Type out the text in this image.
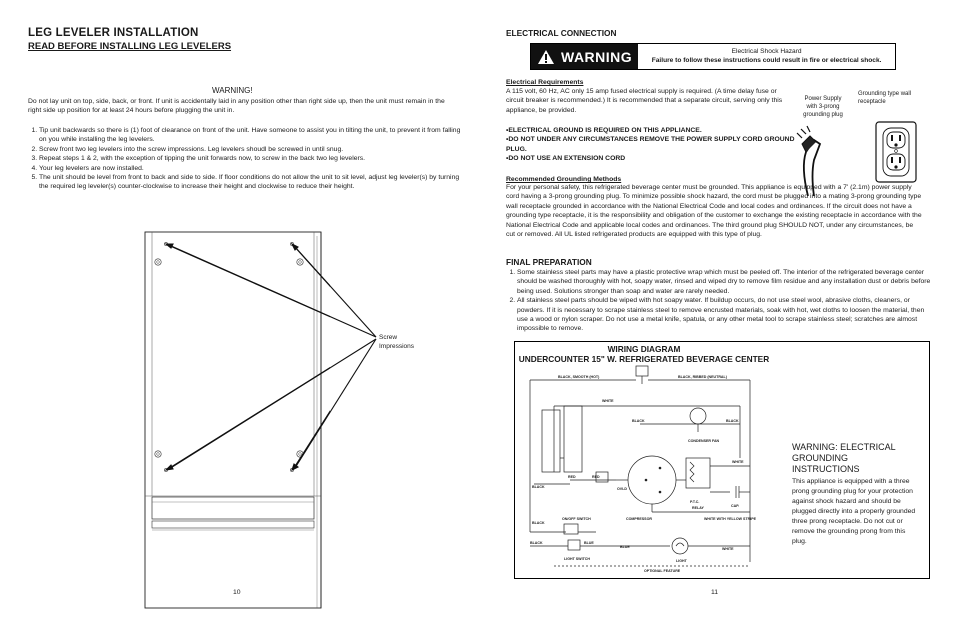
LEG LEVELER INSTALLATION
READ BEFORE INSTALLING LEG LEVELERS
WARNING!
Do not lay unit on top, side, back, or front. If unit is accidentally laid in any position other than right side up, then the unit must remain in the right side up position for at least 24 hours before plugging the unit in.
1. Tip unit backwards so there is (1) foot of clearance on front of the unit. Have someone to assist you in tilting the unit, to prevent it from falling on you while installing the leg levelers.
2. Screw front two leg levelers into the screw impressions. Leg levelers shoudl be screwed in until snug.
3. Repeat steps 1 & 2, with the exception of tipping the unit forwards now, to screw in the back two leg levelers.
4. Your leg levelers are now installed.
5. The unit should be level from front to back and side to side. If floor conditions do not allow the unit to sit level, adjust leg leveler(s) by turning the required leg leveler(s) counter-clockwise to increase their height and clockwise to reduce their height.
Screw
Impressions
10
ELECTRICAL CONNECTION
WARNING	Electrical Shock Hazard
Failure to follow these instructions could result in fire or electrical shock.
Electrical Requirements
A 115 volt, 60 Hz, AC only 15 amp fused electrical supply is required. (A time delay fuse or circuit breaker is recommended.) It is recommended that a separate circuit, serving only this appliance, be provided.
Power Supply
with 3-prong
grounding plug
Grounding type wall
receptacle
•ELECTRICAL GROUND IS REQUIRED ON THIS APPLIANCE.
•DO NOT UNDER ANY CIRCUMSTANCES REMOVE THE POWER SUPPLY CORD GROUND PLUG.
•DO NOT USE AN EXTENSION CORD
Recommended Grounding Methods
For your personal safety, this refrigerated beverage center must be grounded. This appliance is equipped with a 7' (2.1m) power supply cord having a 3-prong grounding plug. To minimize possible shock hazard, the cord must be plugged into a mating 3-prong grounding type wall receptacle grounded in accordance with the National Electrical Code and local codes and ordinances. If the circuit does not have a grounding type receptacle, it is the responsibility and obligation of the customer to exchange the existing receptacle in accordance with the National Electrical Code and applicable local codes and ordinances. The third ground plug SHOULD NOT, under any circumstances, be cut or removed. All UL listed refrigerated products are equipped with this type of plug.
FINAL PREPARATION
1. Some stainless steel parts may have a plastic protective wrap which must be peeled off. The interior of the refrigerated beverage center should be washed thoroughly with hot, soapy water, rinsed and wiped dry to remove film residue and any installation dust or debris before being used. Solutions stronger than soap and water are rarely needed.
2. All stainless steel parts should be wiped with hot soapy water. If buildup occurs, do not use steel wool, abrasive cloths, cleaners, or powders. If it is necessary to scrape stainless steel to remove encrusted materials, soak with hot, wet cloths to loosen the material, then use a wood or nylon scraper. Do not use a metal knife, spatula, or any other metal tool to scrape stainless steel; scratches are almost impossible to remove.
WIRING DIAGRAM
UNDERCOUNTER 15" W. REFRIGERATED BEVERAGE CENTER
BLACK, SMOOTH (HOT)	BLACK, RIBBED (NEUTRAL)
WHITE
BLACK	BLACK
CONDENSER FAN
WHITE
BLACK
RED	RED
OVLD
P.T.C.
RELAY	CAP.
COMPRESSOR	WHITE WITH YELLOW STRIPE
ON/OFF SWITCH
BLACK
BLACK	BLUE
BLUE
LIGHT SWITCH	LIGHT
WHITE
OPTIONAL FEATURE
WARNING: ELECTRICAL GROUNDING INSTRUCTIONS
This appliance is equipped with a three prong grounding plug for your protection against shock hazard and should be plugged directly into a properly grounded three prong receptacle. Do not cut or remove the grounding prong from this plug.
11
